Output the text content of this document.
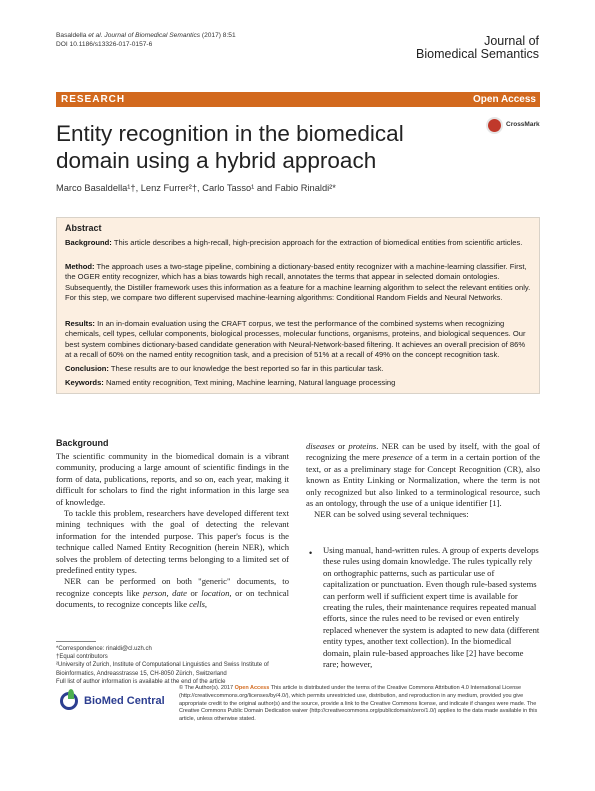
Basaldella et al. Journal of Biomedical Semantics (2017) 8:51
DOI 10.1186/s13326-017-0157-6	Journal of
Biomedical Semantics
RESEARCH	Open Access
Entity recognition in the biomedical domain using a hybrid approach
CrossMark
Marco Basaldella¹†, Lenz Furrer²†, Carlo Tasso¹ and Fabio Rinaldi²*
Abstract
Background: This article describes a high-recall, high-precision approach for the extraction of biomedical entities from scientific articles.
Method: The approach uses a two-stage pipeline, combining a dictionary-based entity recognizer with a machine-learning classifier. First, the OGER entity recognizer, which has a bias towards high recall, annotates the terms that appear in selected domain ontologies. Subsequently, the Distiller framework uses this information as a feature for a machine learning algorithm to select the relevant entities only. For this step, we compare two different supervised machine-learning algorithms: Conditional Random Fields and Neural Networks.
Results: In an in-domain evaluation using the CRAFT corpus, we test the performance of the combined systems when recognizing chemicals, cell types, cellular components, biological processes, molecular functions, organisms, proteins, and biological sequences. Our best system combines dictionary-based candidate generation with Neural-Network-based filtering. It achieves an overall precision of 86% at a recall of 60% on the named entity recognition task, and a precision of 51% at a recall of 49% on the concept recognition task.
Conclusion: These results are to our knowledge the best reported so far in this particular task.
Keywords: Named entity recognition, Text mining, Machine learning, Natural language processing
Background

The scientific community in the biomedical domain is a vibrant community, producing a large amount of scientific findings in the form of data, publications, reports, and so on, each year, making it difficult for scholars to find the right information in this large sea of knowledge.

To tackle this problem, researchers have developed different text mining techniques with the goal of detecting the relevant information for the intended purpose. This paper's focus is the technique called Named Entity Recognition (herein NER), which solves the problem of detecting terms belonging to a limited set of predefined entity types.

NER can be performed on both "generic" documents, to recognize concepts like person, date or location, or on technical documents, to recognize concepts like cells,

diseases or proteins. NER can be used by itself, with the goal of recognizing the mere presence of a term in a certain portion of the text, or as a preliminary stage for Concept Recognition (CR), also known as Entity Linking or Normalization, where the term is not only recognized but also linked to a terminological resource, such as an ontology, through the use of a unique identifier [1].

NER can be solved using several techniques:

• Using manual, hand-written rules. A group of experts develops these rules using domain knowledge. The rules typically rely on orthographic patterns, such as particular use of capitalization or punctuation. Even though rule-based systems can perform well if sufficient expert time is available for creating the rules, their maintenance requires repeated manual efforts, since the rules need to be revised or even entirely replaced whenever the system is adapted to new data (different entity types, another text collection). In the biomedical domain, plain rule-based approaches like [2] have become rare; however,
*Correspondence: rinaldi@cl.uzh.ch
†Equal contributors
²University of Zurich, Institute of Computational Linguistics and Swiss Institute of Bioinformatics, Andreasstrasse 15, CH-8050 Zürich, Switzerland
Full list of author information is available at the end of the article
BioMed Central
© The Author(s). 2017 Open Access This article is distributed under the terms of the Creative Commons Attribution 4.0 International License (http://creativecommons.org/licenses/by/4.0/), which permits unrestricted use, distribution, and reproduction in any medium, provided you give appropriate credit to the original author(s) and the source, provide a link to the Creative Commons license, and indicate if changes were made. The Creative Commons Public Domain Dedication waiver (http://creativecommons.org/publicdomain/zero/1.0/) applies to the data made available in this article, unless otherwise stated.
